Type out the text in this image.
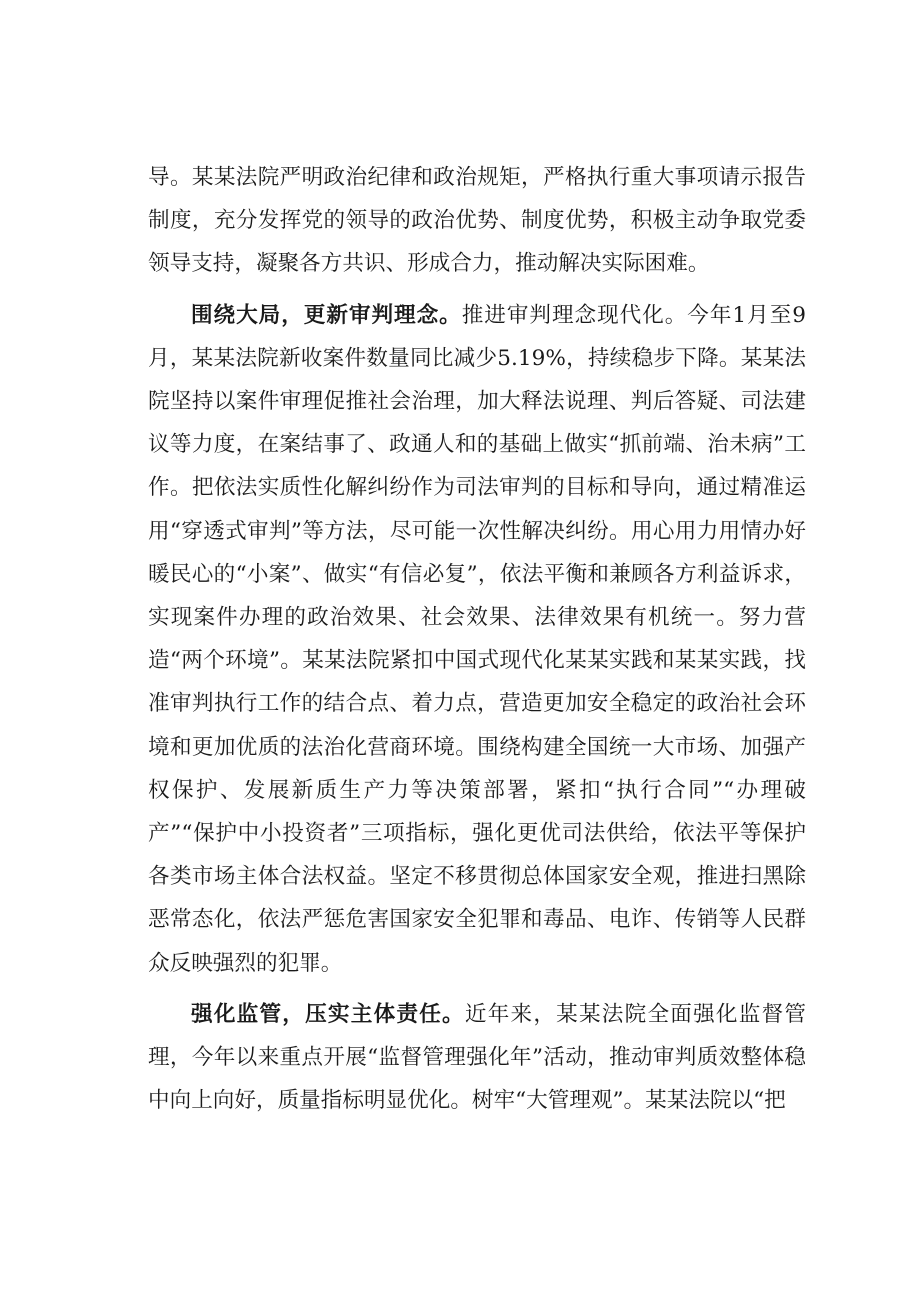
导。某某法院严明政治纪律和政治规矩，严格执行重大事项请示报告制度，充分发挥党的领导的政治优势、制度优势，积极主动争取党委领导支持，凝聚各方共识、形成合力，推动解决实际困难。

围绕大局，更新审判理念。推进审判理念现代化。今年1月至9月，某某法院新收案件数量同比减少5.19%，持续稳步下降。某某法院坚持以案件审理促推社会治理，加大释法说理、判后答疑、司法建议等力度，在案结事了、政通人和的基础上做实“抓前端、治未病”工作。把依法实质性化解纠纷作为司法审判的目标和导向，通过精准运用“穿透式审判”等方法，尽可能一次性解决纠纷。用心用力用情办好暖民心的“小案”、做实“有信必复”，依法平衡和兼顾各方利益诉求，实现案件办理的政治效果、社会效果、法律效果有机统一。努力营造“两个环境”。某某法院紧扣中国式现代化某某实践和某某实践，找准审判执行工作的结合点、着力点，营造更加安全稳定的政治社会环境和更加优质的法治化营商环境。围绕构建全国统一大市场、加强产权保护、发展新质生产力等决策部署，紧扣“执行合同”“办理破产”“保护中小投资者”三项指标，强化更优司法供给，依法平等保护各类市场主体合法权益。坚定不移贯彻总体国家安全观，推进扫黑除恶常态化，依法严惩危害国家安全犯罪和毒品、电诈、传销等人民群众反映强烈的犯罪。

强化监管，压实主体责任。近年来，某某法院全面强化监督管理，今年以来重点开展“监督管理强化年”活动，推动审判质效整体稳中向上向好，质量指标明显优化。树牢“大管理观”。某某法院以“把
